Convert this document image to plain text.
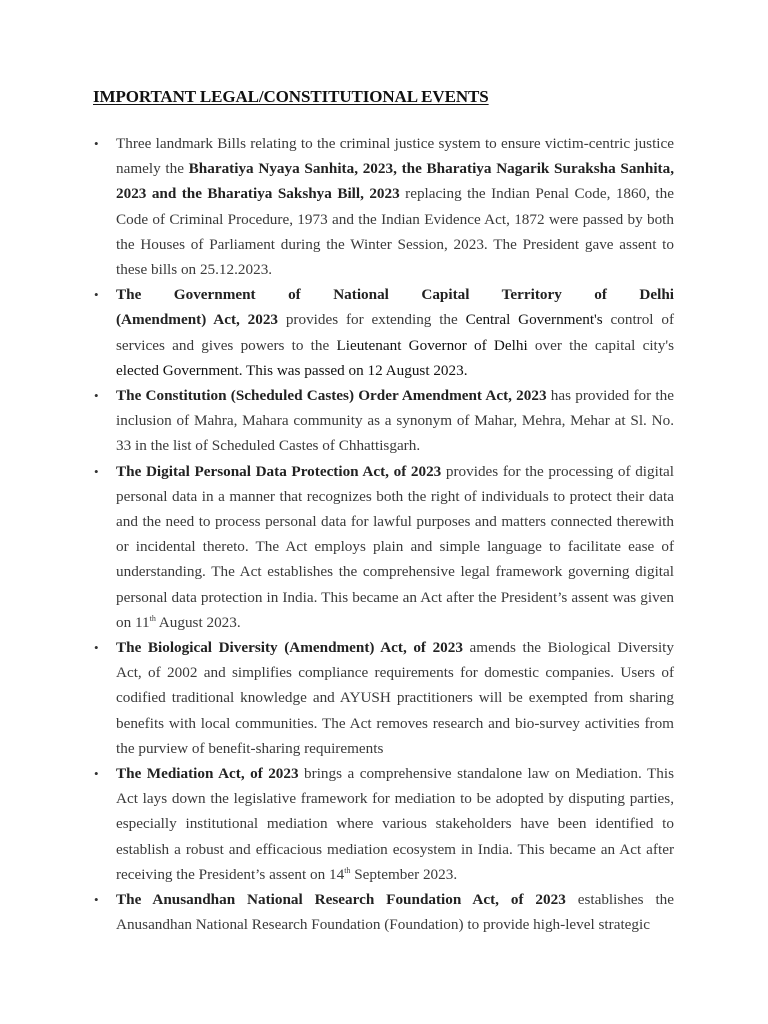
IMPORTANT LEGAL/CONSTITUTIONAL EVENTS
• Three landmark Bills relating to the criminal justice system to ensure victim-centric justice namely the Bharatiya Nyaya Sanhita, 2023, the Bharatiya Nagarik Suraksha Sanhita, 2023 and the Bharatiya Sakshya Bill, 2023 replacing the Indian Penal Code, 1860, the Code of Criminal Procedure, 1973 and the Indian Evidence Act, 1872 were passed by both the Houses of Parliament during the Winter Session, 2023. The President gave assent to these bills on 25.12.2023.
• The Government of National Capital Territory of Delhi
(Amendment) Act, 2023 provides for extending the Central Government's control of services and gives powers to the Lieutenant Governor of Delhi over the capital city's elected Government. This was passed on 12 August 2023.
• The Constitution (Scheduled Castes) Order Amendment Act, 2023 has provided for the inclusion of Mahra, Mahara community as a synonym of Mahar, Mehra, Mehar at Sl. No. 33 in the list of Scheduled Castes of Chhattisgarh.
• The Digital Personal Data Protection Act, of 2023 provides for the processing of digital personal data in a manner that recognizes both the right of individuals to protect their data and the need to process personal data for lawful purposes and matters connected therewith or incidental thereto. The Act employs plain and simple language to facilitate ease of understanding. The Act establishes the comprehensive legal framework governing digital personal data protection in India. This became an Act after the President’s assent was given on 11th August 2023.
• The Biological Diversity (Amendment) Act, of 2023 amends the Biological Diversity Act, of 2002 and simplifies compliance requirements for domestic companies. Users of codified traditional knowledge and AYUSH practitioners will be exempted from sharing benefits with local communities. The Act removes research and bio-survey activities from the purview of benefit-sharing requirements
• The Mediation Act, of 2023 brings a comprehensive standalone law on Mediation. This Act lays down the legislative framework for mediation to be adopted by disputing parties, especially institutional mediation where various stakeholders have been identified to establish a robust and efficacious mediation ecosystem in India. This became an Act after receiving the President’s assent on 14th September 2023.
• The Anusandhan National Research Foundation Act, of 2023 establishes the Anusandhan National Research Foundation (Foundation) to provide high-level strategic
